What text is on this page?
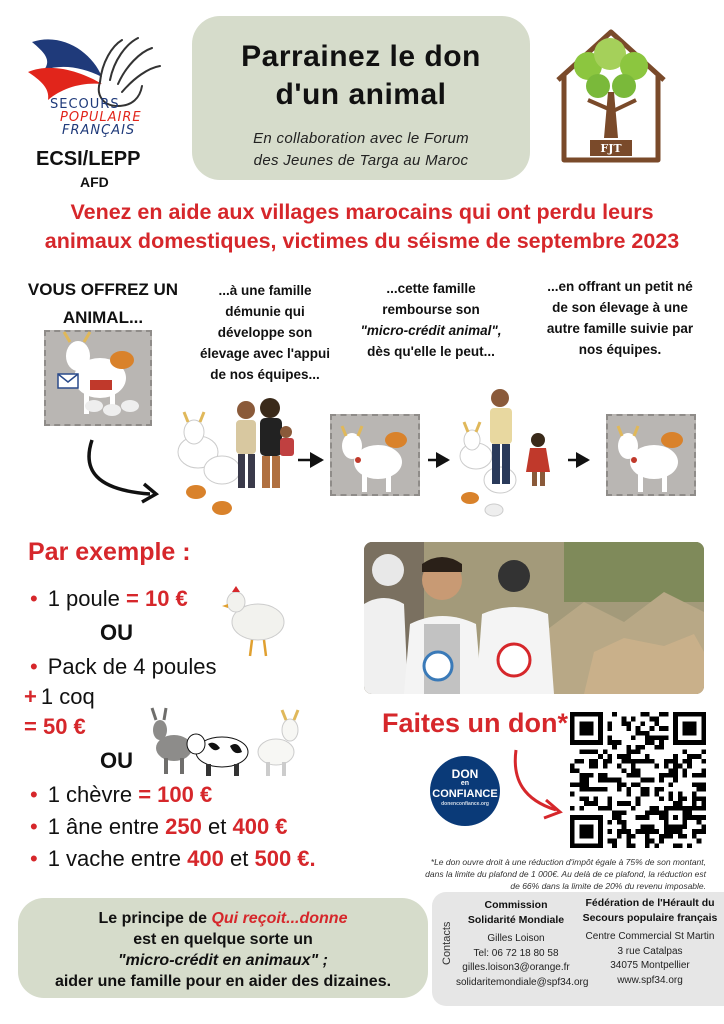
SECOURS
POPULAIRE
FRANÇAIS
ECSI/LEPP
AFD
Parrainez le don
d'un animal

En collaboration avec le Forum
des Jeunes de Targa au Maroc

FJT
Venez en aide aux villages marocains qui ont perdu leurs
animaux domestiques, victimes du séisme de septembre 2023
VOUS OFFREZ UN
ANIMAL...
...à une famille
démunie qui
développe son
élevage avec l'appui
de nos équipes...
...cette famille
rembourse son
"micro-crédit animal",
dès qu'elle le peut...
...en offrant un petit né
de son élevage à une
autre famille suivie par
nos équipes.
Par exemple :
• 1 poule = 10 €
OU
• Pack de 4 poules
+ 1 coq
= 50 €
OU
• 1 chèvre = 100 €
• 1 âne entre 250 et 400 €
• 1 vache entre 400 et 500 €.
Faites un don*
DON
en
CONFIANCE
donenconfiance.org
*Le don ouvre droit à une réduction d'impôt égale à 75% de son montant,
dans la limite du plafond de 1 000€. Au delà de ce plafond, la réduction est
de 66% dans la limite de 20% du revenu imposable.
Le principe de Qui reçoit...donne
est en quelque sorte un
"micro-crédit en animaux" ;
aider une famille pour en aider des dizaines.
Contacts
Commission
Solidarité Mondiale
Gilles Loison
Tel: 06 72 18 80 58
gilles.loison3@orange.fr
solidaritemondiale@spf34.org
Fédération de l'Hérault du
Secours populaire français
Centre Commercial St Martin
3 rue Catalpas
34075 Montpellier
www.spf34.org
